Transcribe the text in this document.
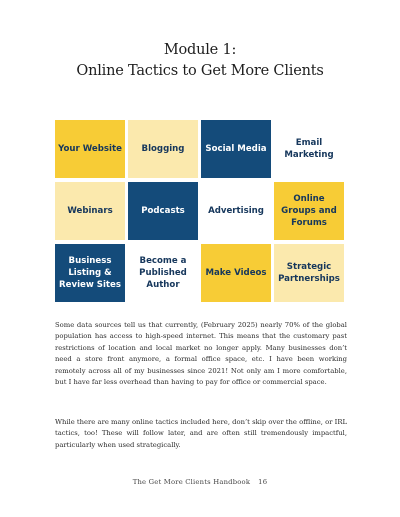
Module 1:
Online Tactics to Get More Clients
Your Website	Blogging	Social Media
Email Marketing
Webinars	Podcasts	Advertising
Online Groups and Forums
Business Listing & Review Sites
Become a Published Author
Make Videos
Strategic Partnerships

Some data sources tell us that currently, (February 2025) nearly 70% of the global population has access to high-speed internet. This means that the customary past restrictions of location and local market no longer apply. Many businesses don’t need a store front anymore, a formal office space, etc. I have been working remotely across all of my businesses since 2021! Not only am I more comfortable, but I have far less overhead than having to pay for office or commercial space.

While there are many online tactics included here, don’t skip over the offline, or IRL tactics, too! These will follow later, and are often still tremendously impactful, particularly when used strategically.

The Get More Clients Handbook 16
